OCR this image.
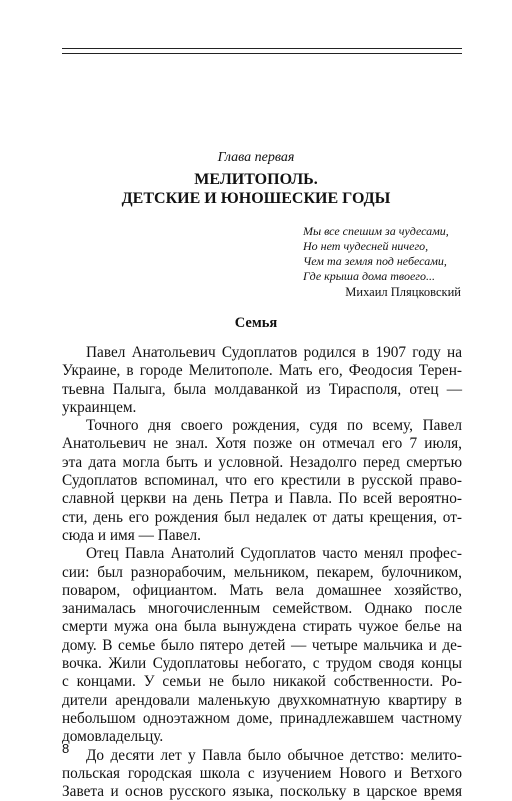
Глава первая
МЕЛИТОПОЛЬ.
ДЕТСКИЕ И ЮНОШЕСКИЕ ГОДЫ
Мы все спешим за чудесами,
Но нет чудесней ничего,
Чем та земля под небесами,
Где крыша дома твоего...
Михаил Пляцковский
Семья
Павел Анатольевич Судоплатов родился в 1907 году на
Украине, в городе Мелитополе. Мать его, Феодосия Терен-
тьевна Палыга, была молдаванкой из Тирасполя, отец —
украинцем.
Точного дня своего рождения, судя по всему, Павел
Анатольевич не знал. Хотя позже он отмечал его 7 июля,
эта дата могла быть и условной. Незадолго перед смертью
Судоплатов вспоминал, что его крестили в русской право-
славной церкви на день Петра и Павла. По всей вероятно-
сти, день его рождения был недалек от даты крещения, от-
сюда и имя — Павел.
Отец Павла Анатолий Судоплатов часто менял профес-
сии: был разнорабочим, мельником, пекарем, булочником,
поваром, официантом. Мать вела домашнее хозяйство,
занималась многочисленным семейством. Однако после
смерти мужа она была вынуждена стирать чужое белье на
дому. В семье было пятеро детей — четыре мальчика и де-
вочка. Жили Судоплатовы небогато, с трудом сводя концы
с концами. У семьи не было никакой собственности. Ро-
дители арендовали маленькую двухкомнатную квартиру в
небольшом одноэтажном доме, принадлежавшем частному
домовладельцу.
До десяти лет у Павла было обычное детство: мелито-
польская городская школа с изучением Нового и Ветхого
Завета и основ русского языка, поскольку в царское время
8
